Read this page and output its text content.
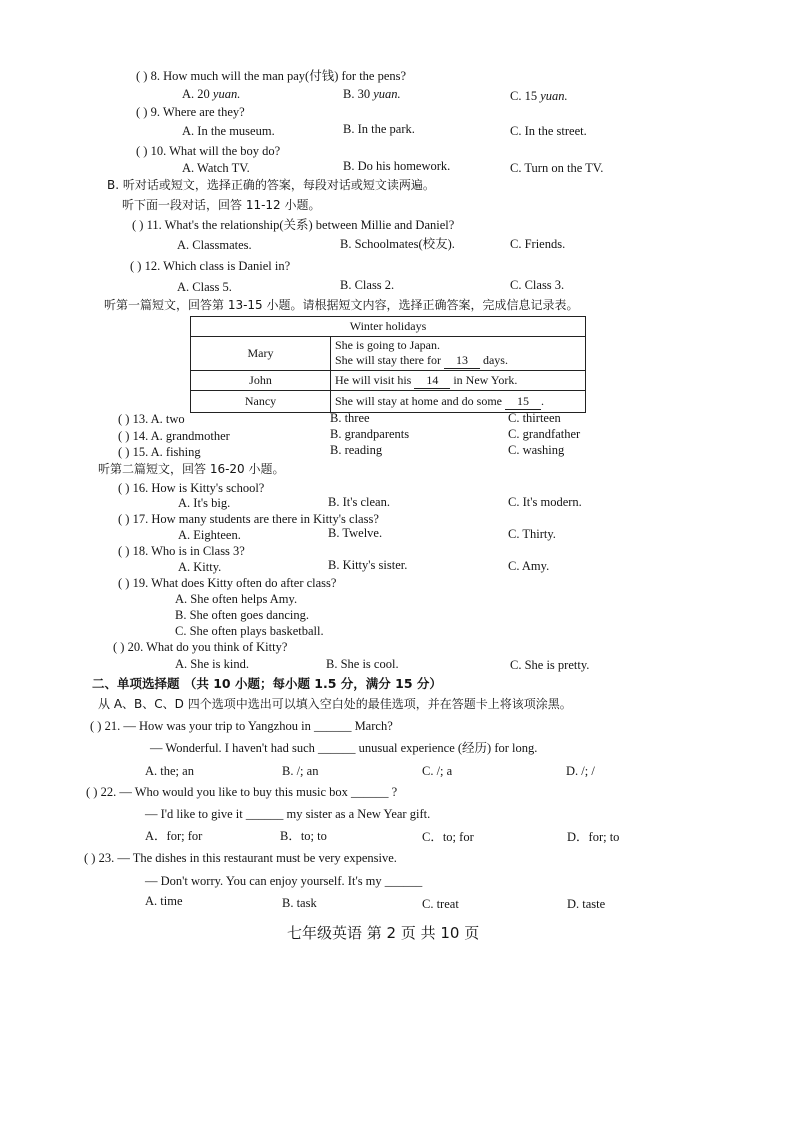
( ) 8. How much will the man pay(付钱) for the pens?
A. 20 yuan.	B. 30 yuan.	C. 15 yuan.
( ) 9. Where are they?
A. In the museum.	B. In the park.	C. In the street.
( ) 10. What will the boy do?
A. Watch TV.	B. Do his homework.	C. Turn on the TV.
B. 听对话或短文，选择正确的答案，每段对话或短文读两遍。
听下面一段对话，回答 11-12 小题。
( ) 11. What's the relationship(关系) between Millie and Daniel?
A. Classmates.	B. Schoolmates(校友).	C. Friends.
( ) 12. Which class is Daniel in?
A. Class 5.	B. Class 2.	C. Class 3.
听第一篇短文，回答第 13-15 小题。请根据短文内容，选择正确答案，完成信息记录表。
Winter holidays	
Mary	She is going to Japan.
She will stay there for 13 days.

John	He will visit his 14 in New York.
Nancy	She will stay at home and do some 15 .
( ) 13. A. two	B. three	C. thirteen
( ) 14. A. grandmother	B. grandparents	C. grandfather
( ) 15. A. fishing	B. reading	C. washing
听第二篇短文，回答 16-20 小题。
( ) 16. How is Kitty's school?
A. It's big.	B. It's clean.	C. It's modern.
( ) 17. How many students are there in Kitty's class?
A. Eighteen.	B. Twelve.	C. Thirty.
( ) 18. Who is in Class 3?
A. Kitty.	B. Kitty's sister.	C. Amy.
( ) 19. What does Kitty often do after class?
A. She often helps Amy.
B. She often goes dancing.
C. She often plays basketball.
( ) 20. What do you think of Kitty?
A. She is kind.	B. She is cool.	C. She is pretty.
二、单项选择题 （共 10 小题；每小题 1.5 分，满分 15 分）
从 A、B、C、D 四个选项中选出可以填入空白处的最佳选项，并在答题卡上将该项涂黑。
( ) 21. — How was your trip to Yangzhou in ______ March?
— Wonderful. I haven't had such ______ unusual experience (经历) for long.
A. the; an	B. /; an	C. /; a	D. /; /
( ) 22. — Who would you like to buy this music box ______ ?
— I'd like to give it ______ my sister as a New Year gift.
A．for; for	B．to; to	C．to; for	D．for; to
( ) 23. — The dishes in this restaurant must be very expensive.
— Don't worry. You can enjoy yourself. It's my ______
A. time	B. task	C. treat	D. taste
七年级英语 第 2 页 共 10 页
